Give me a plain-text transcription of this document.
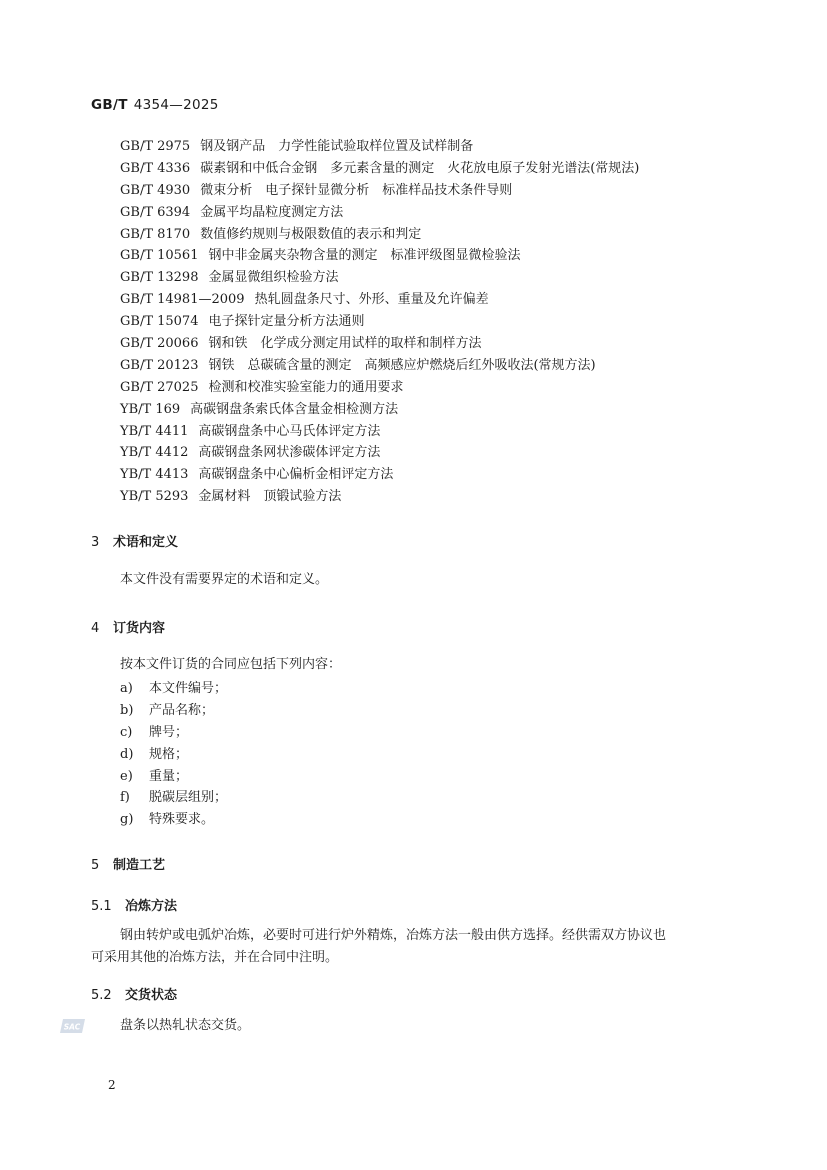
GB/T 4354—2025
GB/T 2975 钢及钢产品　力学性能试验取样位置及试样制备
GB/T 4336 碳素钢和中低合金钢　多元素含量的测定　火花放电原子发射光谱法(常规法)
GB/T 4930 微束分析　电子探针显微分析　标准样品技术条件导则
GB/T 6394 金属平均晶粒度测定方法
GB/T 8170 数值修约规则与极限数值的表示和判定
GB/T 10561 钢中非金属夹杂物含量的测定　标准评级图显微检验法
GB/T 13298 金属显微组织检验方法
GB/T 14981—2009 热轧圆盘条尺寸、外形、重量及允许偏差
GB/T 15074 电子探针定量分析方法通则
GB/T 20066 钢和铁　化学成分测定用试样的取样和制样方法
GB/T 20123 钢铁　总碳硫含量的测定　高频感应炉燃烧后红外吸收法(常规方法)
GB/T 27025 检测和校准实验室能力的通用要求
YB/T 169 高碳钢盘条索氏体含量金相检测方法
YB/T 4411 高碳钢盘条中心马氏体评定方法
YB/T 4412 高碳钢盘条网状渗碳体评定方法
YB/T 4413 高碳钢盘条中心偏析金相评定方法
YB/T 5293 金属材料　顶锻试验方法
3 术语和定义
本文件没有需要界定的术语和定义。
4 订货内容
按本文件订货的合同应包括下列内容：
a) 本文件编号；
b) 产品名称；
c) 牌号；
d) 规格；
e) 重量；
f) 脱碳层组别；
g) 特殊要求。
5 制造工艺
5.1 冶炼方法
钢由转炉或电弧炉冶炼，必要时可进行炉外精炼，冶炼方法一般由供方选择。经供需双方协议也
可采用其他的冶炼方法，并在合同中注明。
5.2 交货状态
盘条以热轧状态交货。
SAC
2
